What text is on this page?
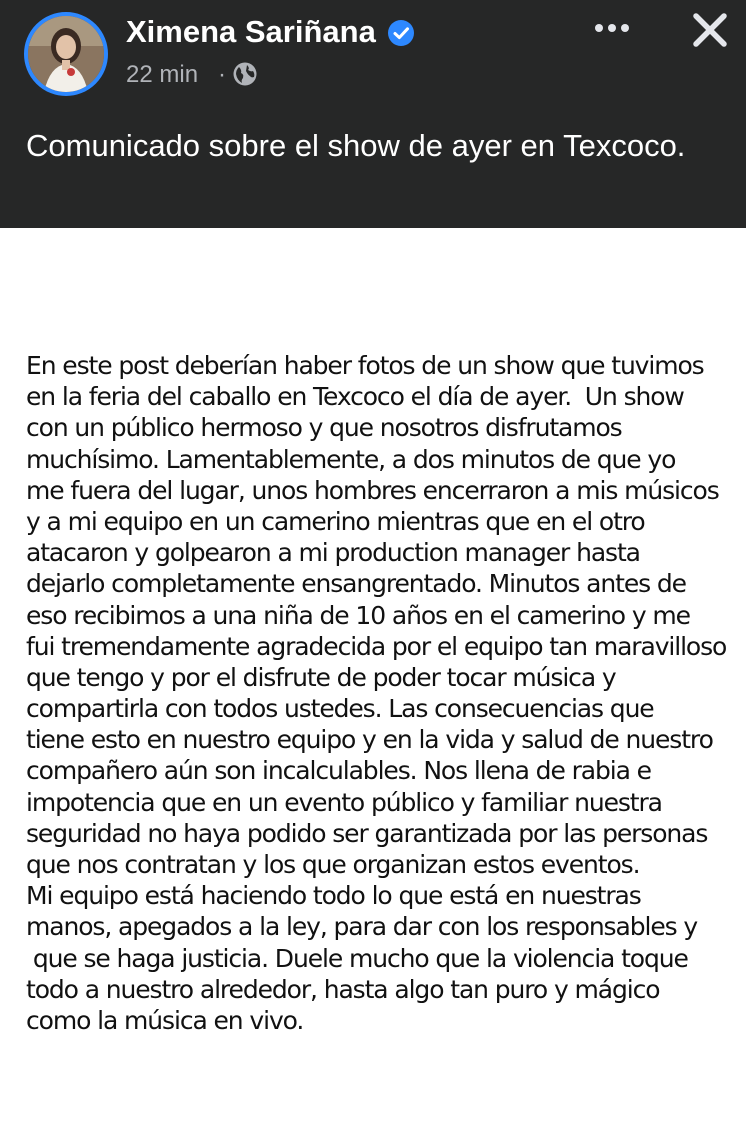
Ximena Sariñana
22 min ·

Comunicado sobre el show de ayer en Texcoco.

En este post deberían haber fotos de un show que tuvimos
en la feria del caballo en Texcoco el día de ayer.  Un show
con un público hermoso y que nosotros disfrutamos
muchísimo. Lamentablemente, a dos minutos de que yo
me fuera del lugar, unos hombres encerraron a mis músicos
y a mi equipo en un camerino mientras que en el otro
atacaron y golpearon a mi production manager hasta
dejarlo completamente ensangrentado. Minutos antes de
eso recibimos a una niña de 10 años en el camerino y me
fui tremendamente agradecida por el equipo tan maravilloso
que tengo y por el disfrute de poder tocar música y
compartirla con todos ustedes. Las consecuencias que
tiene esto en nuestro equipo y en la vida y salud de nuestro
compañero aún son incalculables. Nos llena de rabia e
impotencia que en un evento público y familiar nuestra
seguridad no haya podido ser garantizada por las personas
que nos contratan y los que organizan estos eventos.
Mi equipo está haciendo todo lo que está en nuestras
manos, apegados a la ley, para dar con los responsables y
que se haga justicia. Duele mucho que la violencia toque
todo a nuestro alrededor, hasta algo tan puro y mágico
como la música en vivo.
